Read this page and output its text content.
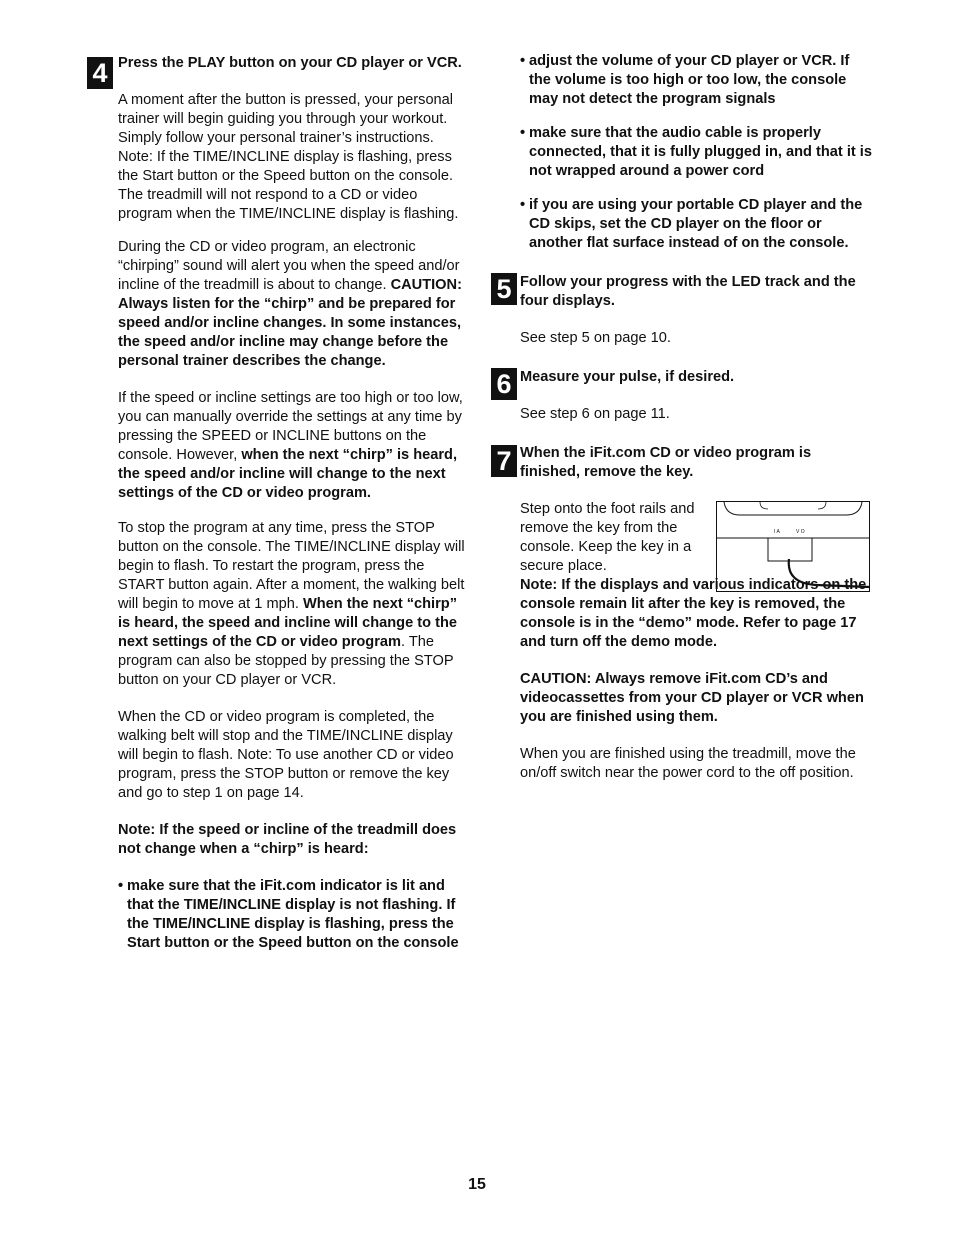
4
5
6
7

Press the PLAY button on your CD player or VCR.

A moment after the button is pressed, your personal trainer will begin guiding you through your workout. Simply follow your personal trainer’s instructions. Note: If the TIME/INCLINE display is flashing, press the Start button or the Speed button on the console. The treadmill will not respond to a CD or video program when the TIME/INCLINE display is flashing.

During the CD or video program, an electronic “chirping” sound will alert you when the speed and/or incline of the treadmill is about to change. CAUTION: Always listen for the “chirp” and be prepared for speed and/or incline changes. In some instances, the speed and/or incline may change before the personal trainer describes the change.

If the speed or incline settings are too high or too low, you can manually override the settings at any time by pressing the SPEED or INCLINE buttons on the console. However, when the next “chirp” is heard, the speed and/or incline will change to the next settings of the CD or video program.

To stop the program at any time, press the STOP button on the console. The TIME/INCLINE display will begin to flash. To restart the program, press the START button again. After a moment, the walking belt will begin to move at 1 mph. When the next “chirp” is heard, the speed and incline will change to the next settings of the CD or video program. The program can also be stopped by pressing the STOP button on your CD player or VCR.

When the CD or video program is completed, the walking belt will stop and the TIME/INCLINE display will begin to flash. Note: To use another CD or video program, press the STOP button or remove the key and go to step 1 on page 14.

Note: If the speed or incline of the treadmill does not change when a “chirp” is heard:

• make sure that the iFit.com indicator is lit and that the TIME/INCLINE display is not flashing. If the TIME/INCLINE display is flashing, press the Start button or the Speed button on the console
• adjust the volume of your CD player or VCR. If the volume is too high or too low, the console may not detect the program signals
• make sure that the audio cable is properly connected, that it is fully plugged in, and that it is not wrapped around a power cord
• if you are using your portable CD player and the CD skips, set the CD player on the floor or another flat surface instead of on the console.

Follow your progress with the LED track and the four displays.

See step 5 on page 10.

Measure your pulse, if desired.

See step 6 on page 11.

When the iFit.com CD or video program is finished, remove the key.

Step onto the foot rails and remove the key from the console. Keep the key in a secure place.

Note: If the displays and various indicators on the console remain lit after the key is removed, the console is in the “demo” mode. Refer to page 17 and turn off the demo mode.

CAUTION: Always remove iFit.com CD’s and videocassettes from your CD player or VCR when you are finished using them.

When you are finished using the treadmill, move the on/off switch near the power cord to the off position.

I A	V O
15
